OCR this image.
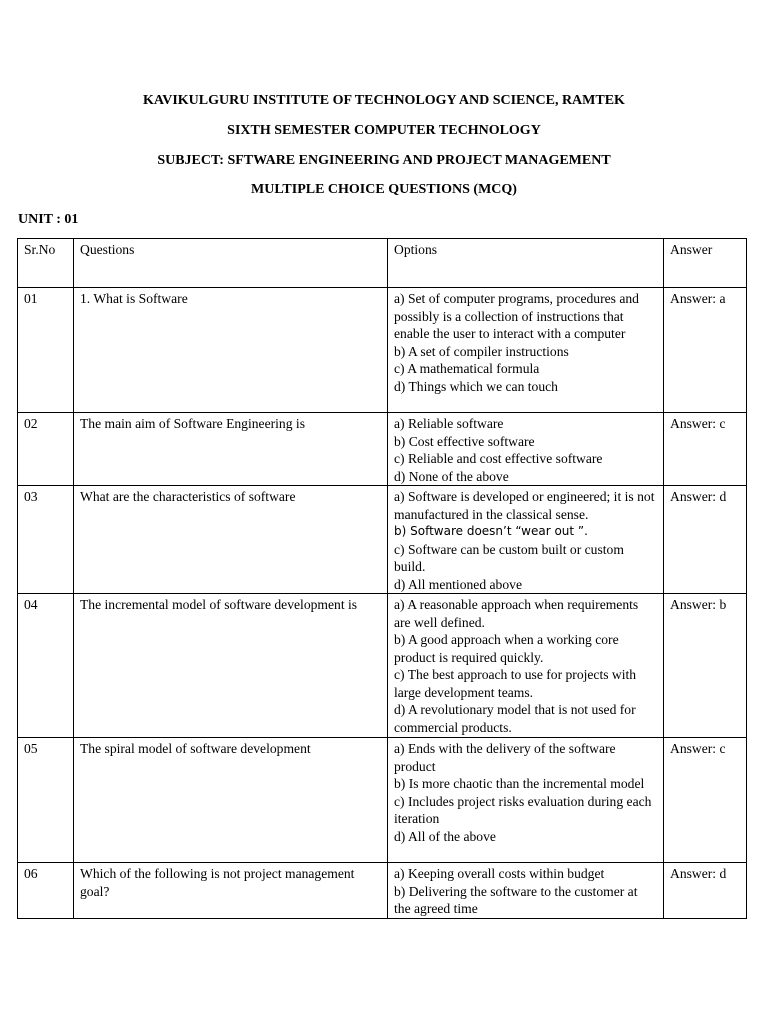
KAVIKULGURU INSTITUTE OF TECHNOLOGY AND SCIENCE, RAMTEK
SIXTH SEMESTER COMPUTER TECHNOLOGY
SUBJECT: SFTWARE ENGINEERING AND PROJECT MANAGEMENT
MULTIPLE CHOICE QUESTIONS (MCQ)
UNIT : 01
Sr.No	Questions	Options	Answer
01	1. What is Software	a) Set of computer programs, procedures and possibly is a collection of instructions that enable the user to interact with a computer
b) A set of compiler instructions
c) A mathematical formula
d) Things which we can touch	Answer: a
02	The main aim of Software Engineering is	a) Reliable software
b) Cost effective software
c) Reliable and cost effective software
d) None of the above	Answer: c
03	What are the characteristics of software	a) Software is developed or engineered; it is not manufactured in the classical sense.
b) Software doesn’t “wear out ”.
c) Software can be custom built or custom build.
d) All mentioned above	Answer: d
04	The incremental model of software development is	a) A reasonable approach when requirements are well defined.
b) A good approach when a working core product is required quickly.
c) The best approach to use for projects with large development teams.
d) A revolutionary model that is not used for commercial products.	Answer: b
05	The spiral model of software development	a) Ends with the delivery of the software product
b) Is more chaotic than the incremental model
c) Includes project risks evaluation during each iteration
d) All of the above	Answer: c
06	Which of the following is not project management goal?	a) Keeping overall costs within budget
b) Delivering the software to the customer at the agreed time	Answer: d
